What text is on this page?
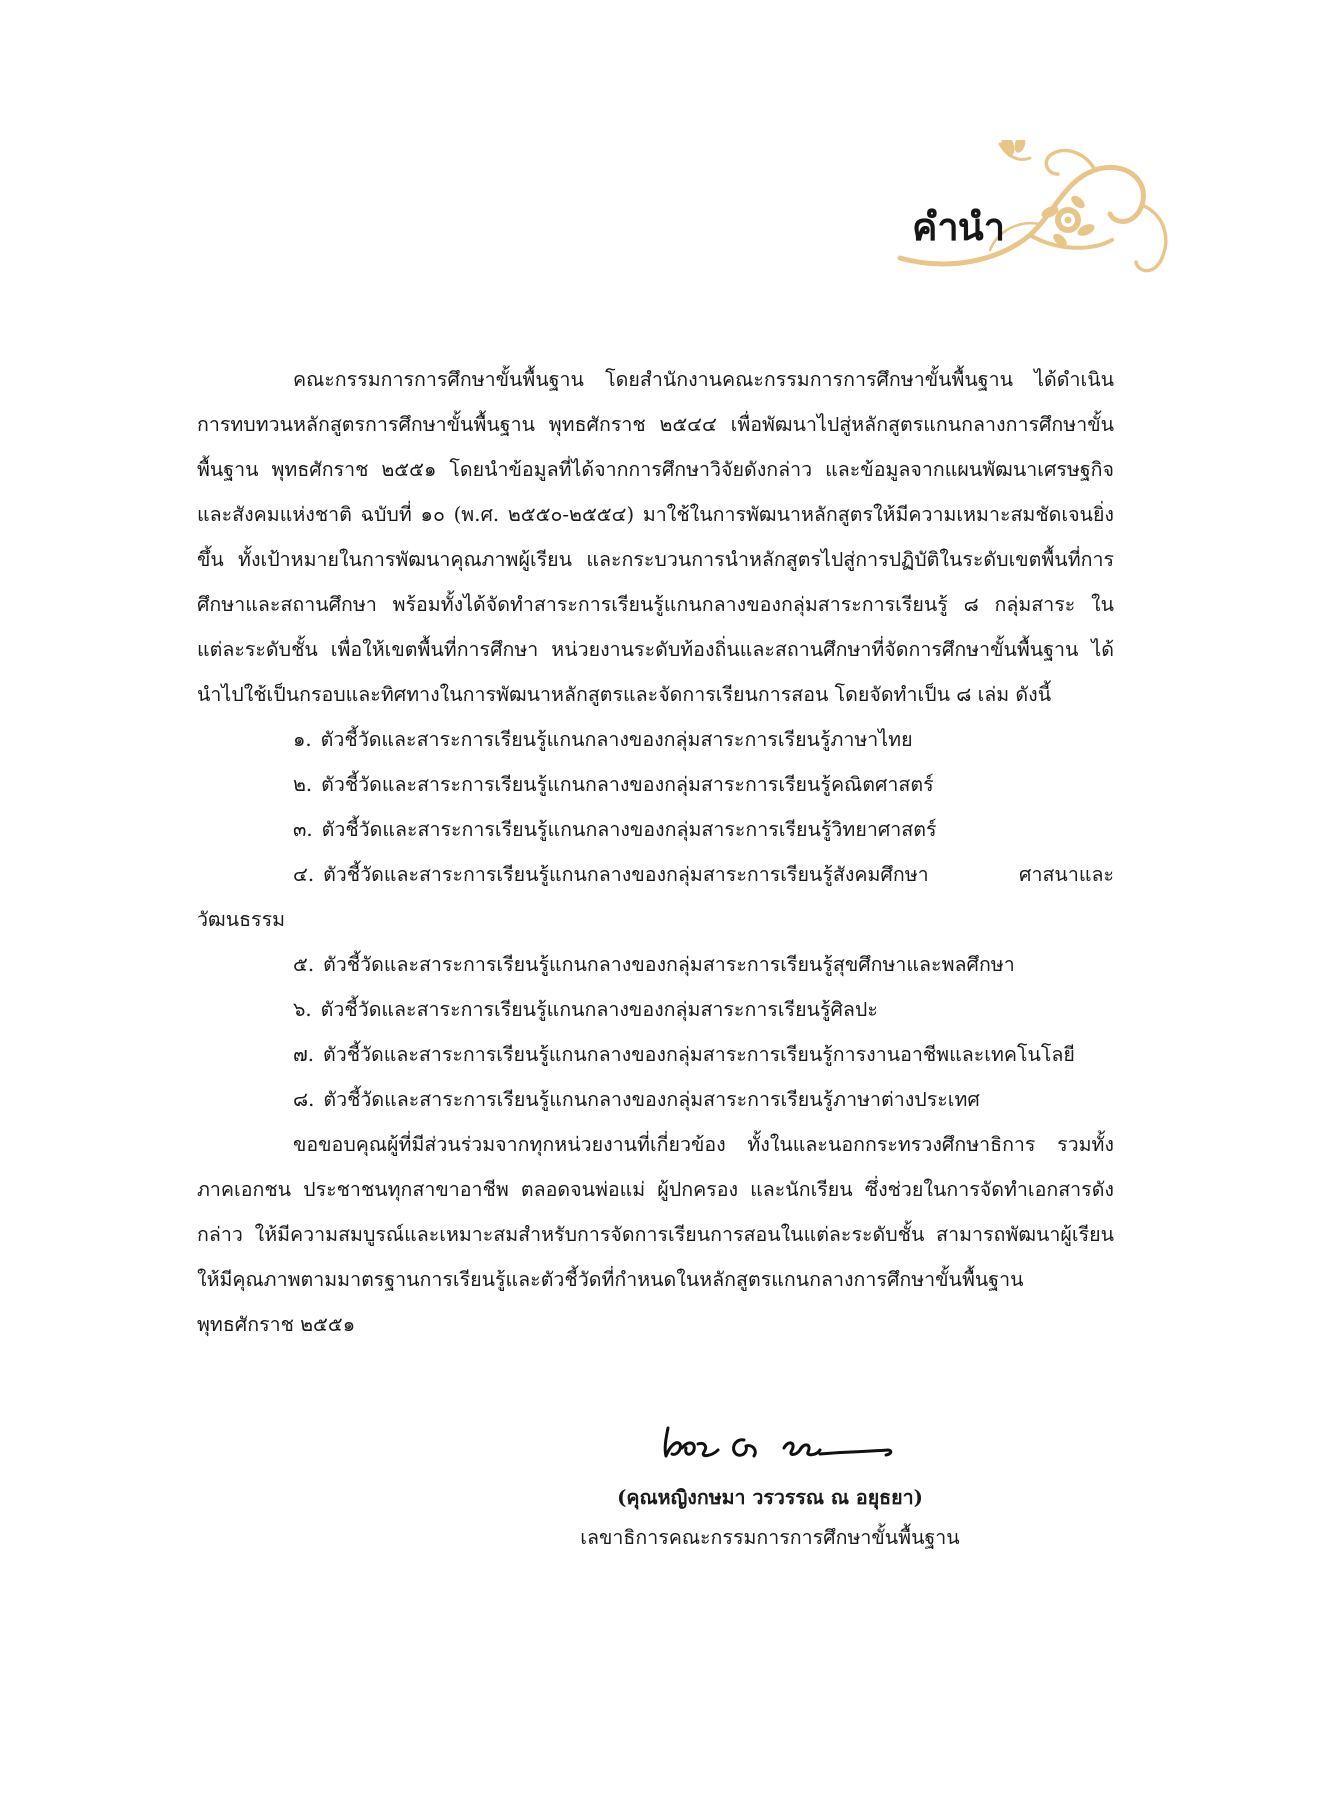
คำนำ

คณะกรรมการการศึกษาขั้นพื้นฐาน โดยสำนักงานคณะกรรมการการศึกษาขั้นพื้นฐาน ได้ดำเนินการทบทวนหลักสูตรการศึกษาขั้นพื้นฐาน พุทธศักราช ๒๕๔๔ เพื่อพัฒนาไปสู่หลักสูตรแกนกลางการศึกษาขั้นพื้นฐาน พุทธศักราช ๒๕๕๑ โดยนำข้อมูลที่ได้จากการศึกษาวิจัยดังกล่าว และข้อมูลจากแผนพัฒนาเศรษฐกิจและสังคมแห่งชาติ ฉบับที่ ๑๐ (พ.ศ. ๒๕๕๐-๒๕๕๔) มาใช้ในการพัฒนาหลักสูตรให้มีความเหมาะสมชัดเจนยิ่งขึ้น ทั้งเป้าหมายในการพัฒนาคุณภาพผู้เรียน และกระบวนการนำหลักสูตรไปสู่การปฏิบัติในระดับเขตพื้นที่การศึกษาและสถานศึกษา พร้อมทั้งได้จัดทำสาระการเรียนรู้แกนกลางของกลุ่มสาระการเรียนรู้ ๘ กลุ่มสาระ ในแต่ละระดับชั้น เพื่อให้เขตพื้นที่การศึกษา หน่วยงานระดับท้องถิ่นและสถานศึกษาที่จัดการศึกษาขั้นพื้นฐาน ได้นำไปใช้เป็นกรอบและทิศทางในการพัฒนาหลักสูตรและจัดการเรียนการสอน โดยจัดทำเป็น ๘ เล่ม ดังนี้

๑. ตัวชี้วัดและสาระการเรียนรู้แกนกลางของกลุ่มสาระการเรียนรู้ภาษาไทย
๒. ตัวชี้วัดและสาระการเรียนรู้แกนกลางของกลุ่มสาระการเรียนรู้คณิตศาสตร์
๓. ตัวชี้วัดและสาระการเรียนรู้แกนกลางของกลุ่มสาระการเรียนรู้วิทยาศาสตร์
๔. ตัวชี้วัดและสาระการเรียนรู้แกนกลางของกลุ่มสาระการเรียนรู้สังคมศึกษา ศาสนาและวัฒนธรรม
๕. ตัวชี้วัดและสาระการเรียนรู้แกนกลางของกลุ่มสาระการเรียนรู้สุขศึกษาและพลศึกษา
๖. ตัวชี้วัดและสาระการเรียนรู้แกนกลางของกลุ่มสาระการเรียนรู้ศิลปะ
๗. ตัวชี้วัดและสาระการเรียนรู้แกนกลางของกลุ่มสาระการเรียนรู้การงานอาชีพและเทคโนโลยี
๘. ตัวชี้วัดและสาระการเรียนรู้แกนกลางของกลุ่มสาระการเรียนรู้ภาษาต่างประเทศ

ขอขอบคุณผู้ที่มีส่วนร่วมจากทุกหน่วยงานที่เกี่ยวข้อง ทั้งในและนอกกระทรวงศึกษาธิการ รวมทั้งภาคเอกชน ประชาชนทุกสาขาอาชีพ ตลอดจนพ่อแม่ ผู้ปกครอง และนักเรียน ซึ่งช่วยในการจัดทำเอกสารดังกล่าว ให้มีความสมบูรณ์และเหมาะสมสำหรับการจัดการเรียนการสอนในแต่ละระดับชั้น สามารถพัฒนาผู้เรียนให้มีคุณภาพตามมาตรฐานการเรียนรู้และตัวชี้วัดที่กำหนดในหลักสูตรแกนกลางการศึกษาขั้นพื้นฐาน พุทธศักราช ๒๕๕๑

(คุณหญิงกษมา วรวรรณ ณ อยุธยา)
เลขาธิการคณะกรรมการการศึกษาขั้นพื้นฐาน
